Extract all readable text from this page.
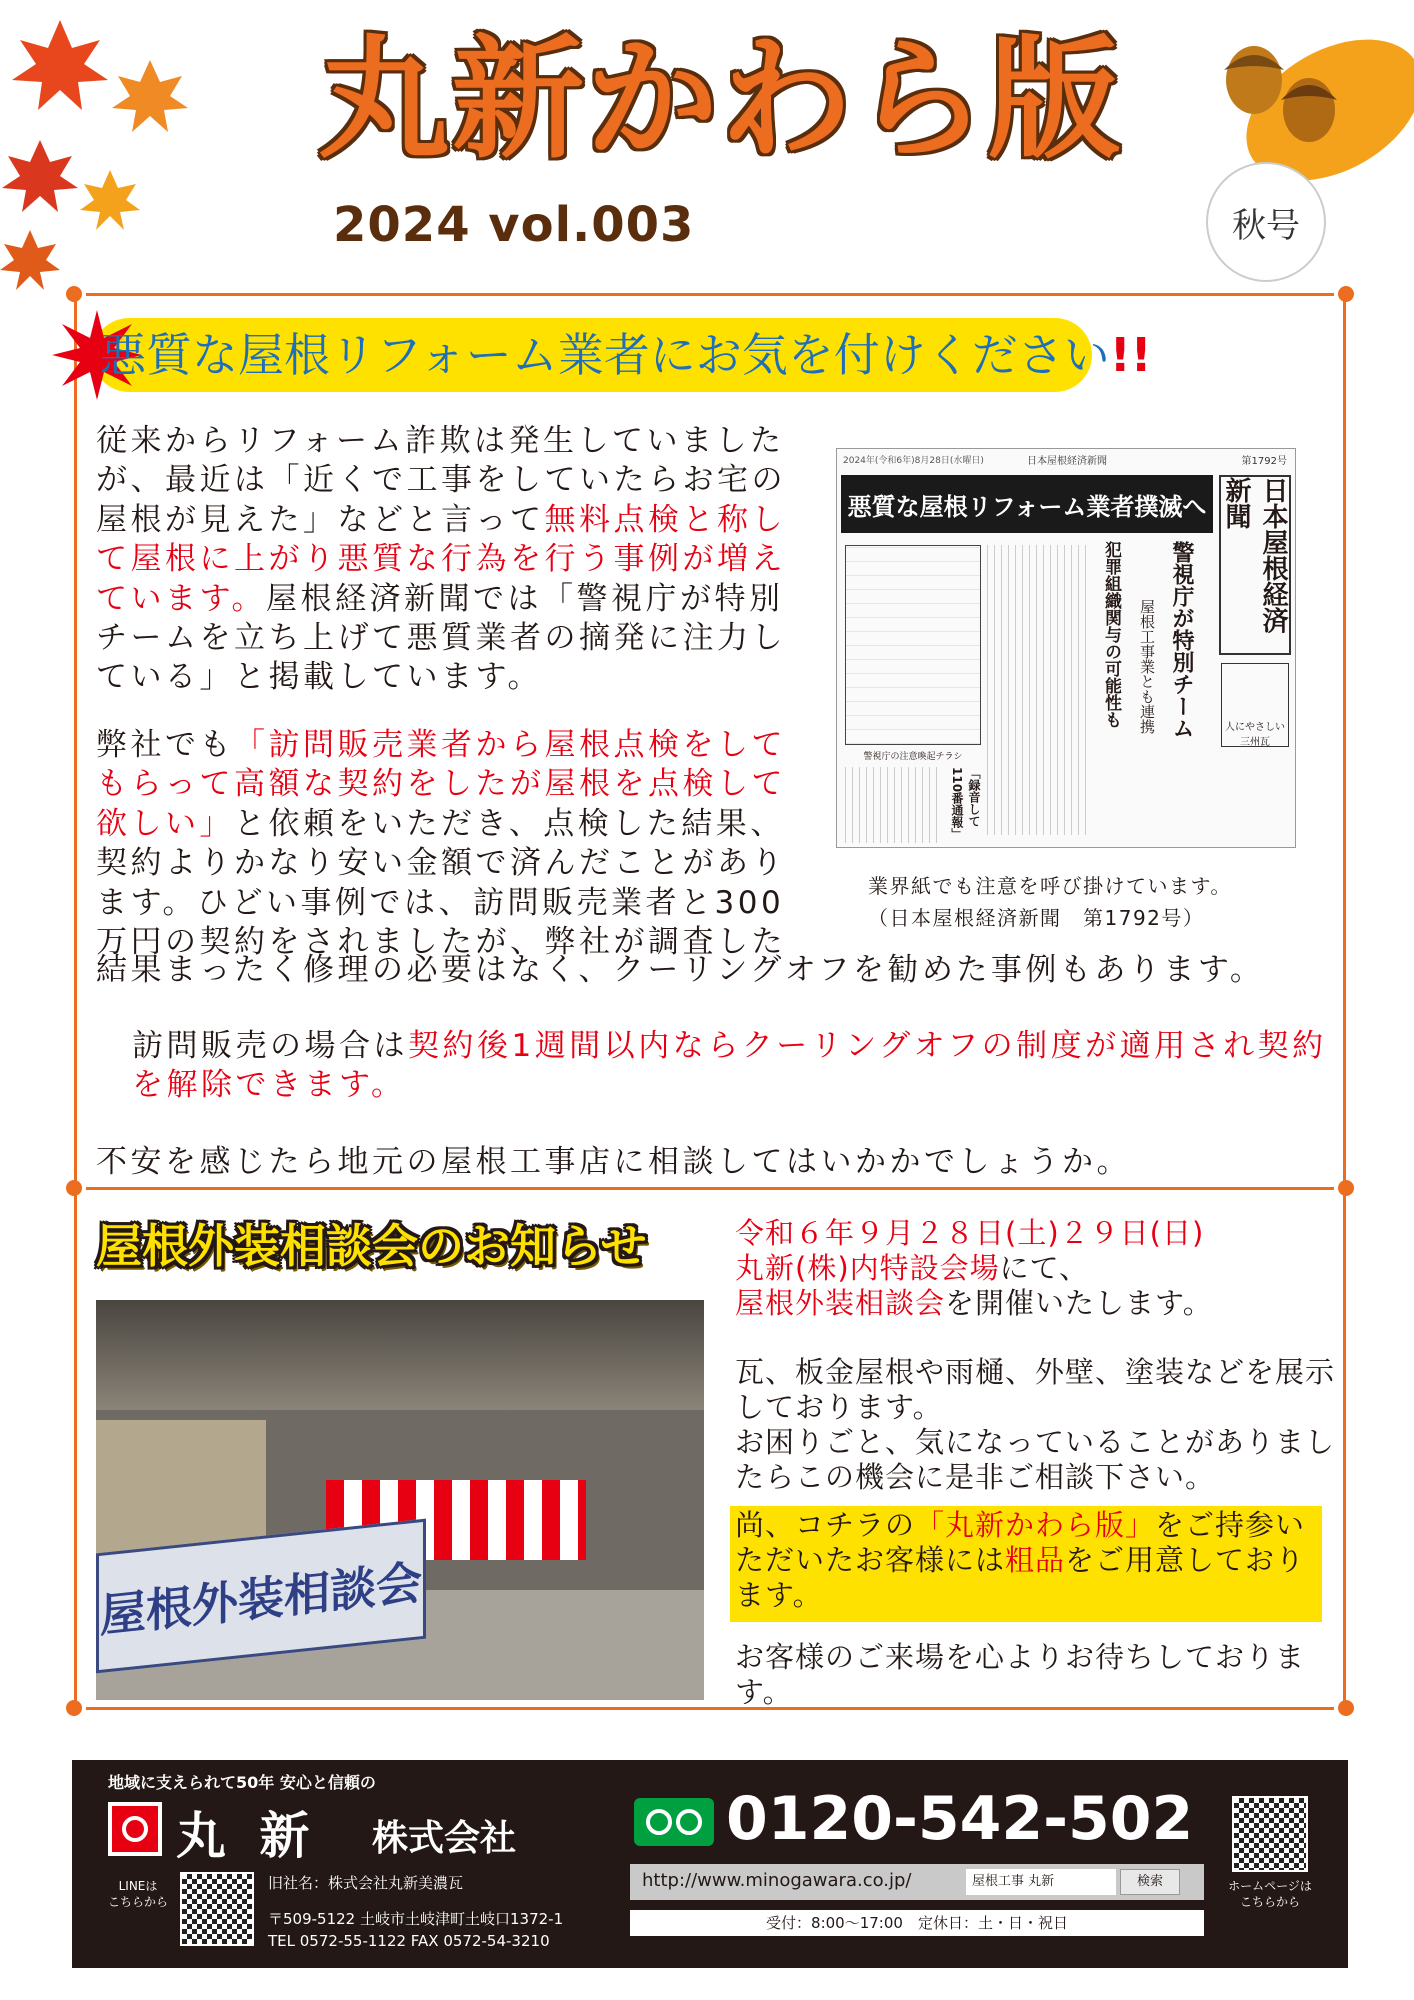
丸新かわら版
2024 vol.003	秋号
悪質な屋根リフォーム業者にお気を付けください!!
従来からリフォーム詐欺は発生していましたが、最近は「近くで工事をしていたらお宅の屋根が見えた」などと言って無料点検と称して屋根に上がり悪質な行為を行う事例が増えています。屋根経済新聞では「警視庁が特別チームを立ち上げて悪質業者の摘発に注力している」と掲載しています。
弊社でも「訪問販売業者から屋根点検をしてもらって高額な契約をしたが屋根を点検して欲しい」と依頼をいただき、点検した結果、契約よりかなり安い金額で済んだことがあります。ひどい事例では、訪問販売業者と300万円の契約をされましたが、弊社が調査した
結果まったく修理の必要はなく、クーリングオフを勧めた事例もあります。
訪問販売の場合は契約後1週間以内ならクーリングオフの制度が適用され契約を解除できます。
不安を感じたら地元の屋根工事店に相談してはいかかでしょうか。
2024年(令和6年)8月28日(水曜日)	日本屋根経済新聞	第1792号
悪質な屋根リフォーム業者撲滅へ	日本屋根経済新聞
人にやさしい 三州瓦
警視庁が特別チーム
屋根工事業とも連携
犯罪組織関与の可能性も
警視庁の注意喚起チラシ
「録音して110番通報」
業界紙でも注意を呼び掛けています。
（日本屋根経済新聞　第1792号）
屋根外装相談会のお知らせ
屋根外装相談会
令和６年９月２８日(土)２９日(日)
丸新(株)内特設会場にて、
屋根外装相談会を開催いたします。
瓦、板金屋根や雨樋、外壁、塗装などを展示しております。
お困りごと、気になっていることがありましたらこの機会に是非ご相談下さい。
尚、コチラの「丸新かわら版」をご持参いただいたお客様には粗品をご用意しております。
お客様のご来場を心よりお待ちしております。
地域に支えられて50年 安心と信頼の
丸 新 株式会社
LINEは
こちらから
旧社名：株式会社丸新美濃瓦
〒509-5122 土岐市土岐津町土岐口1372-1
TEL 0572-55-1122 FAX 0572-54-3210
0120-542-502
http://www.minogawara.co.jp/	屋根工事 丸新	検索
受付：8:00〜17:00　定休日：土・日・祝日
ホームページは
こちらから
